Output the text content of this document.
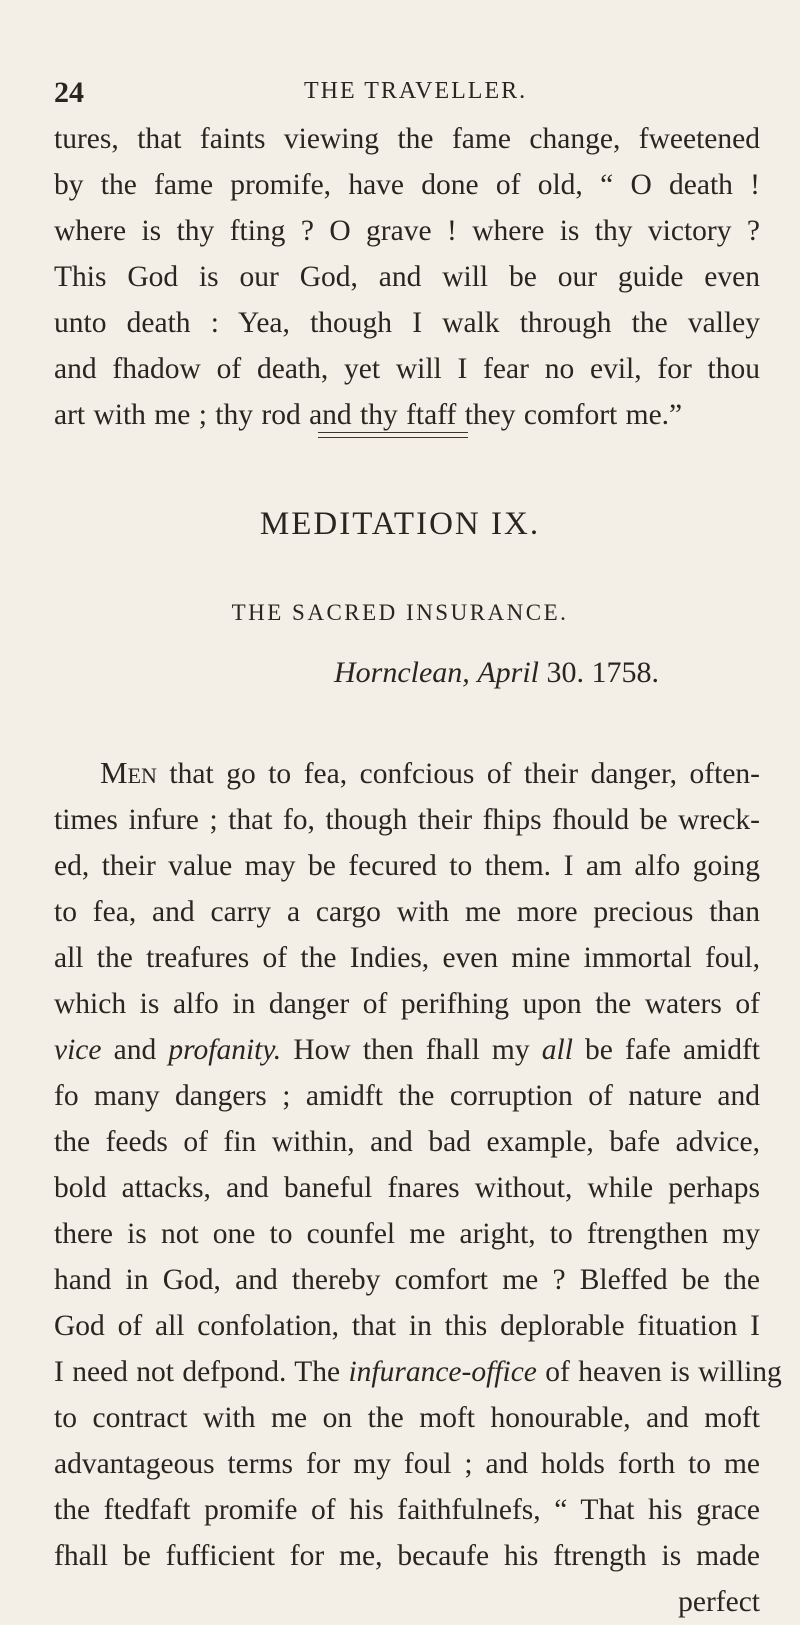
24	THE TRAVELLER.
tures, that faints viewing the fame change, fweetened
by the fame promife, have done of old, “ O death !
where is thy fting ? O grave ! where is thy victory ?
This God is our God, and will be our guide even
unto death : Yea, though I walk through the valley
and fhadow of death, yet will I fear no evil, for thou
art with me ; thy rod and thy ftaff they comfort me.”
MEDITATION IX.
THE SACRED INSURANCE.
Hornclean, April 30. 1758.
Men that go to fea, confcious of their danger, often-
times infure ; that fo, though their fhips fhould be wreck-
ed, their value may be fecured to them. I am alfo going
to fea, and carry a cargo with me more precious than
all the treafures of the Indies, even mine immortal foul,
which is alfo in danger of perifhing upon the waters of
vice and profanity. How then fhall my all be fafe amidft
fo many dangers ; amidft the corruption of nature and
the feeds of fin within, and bad example, bafe advice,
bold attacks, and baneful fnares without, while perhaps
there is not one to counfel me aright, to ftrengthen my
hand in God, and thereby comfort me ? Bleffed be the
God of all confolation, that in this deplorable fituation I
I need not defpond. The infurance-office of heaven is willing
to contract with me on the moft honourable, and moft
advantageous terms for my foul ; and holds forth to me
the ftedfaft promife of his faithfulnefs, “ That his grace
fhall be fufficient for me, becaufe his ftrength is made
perfect
